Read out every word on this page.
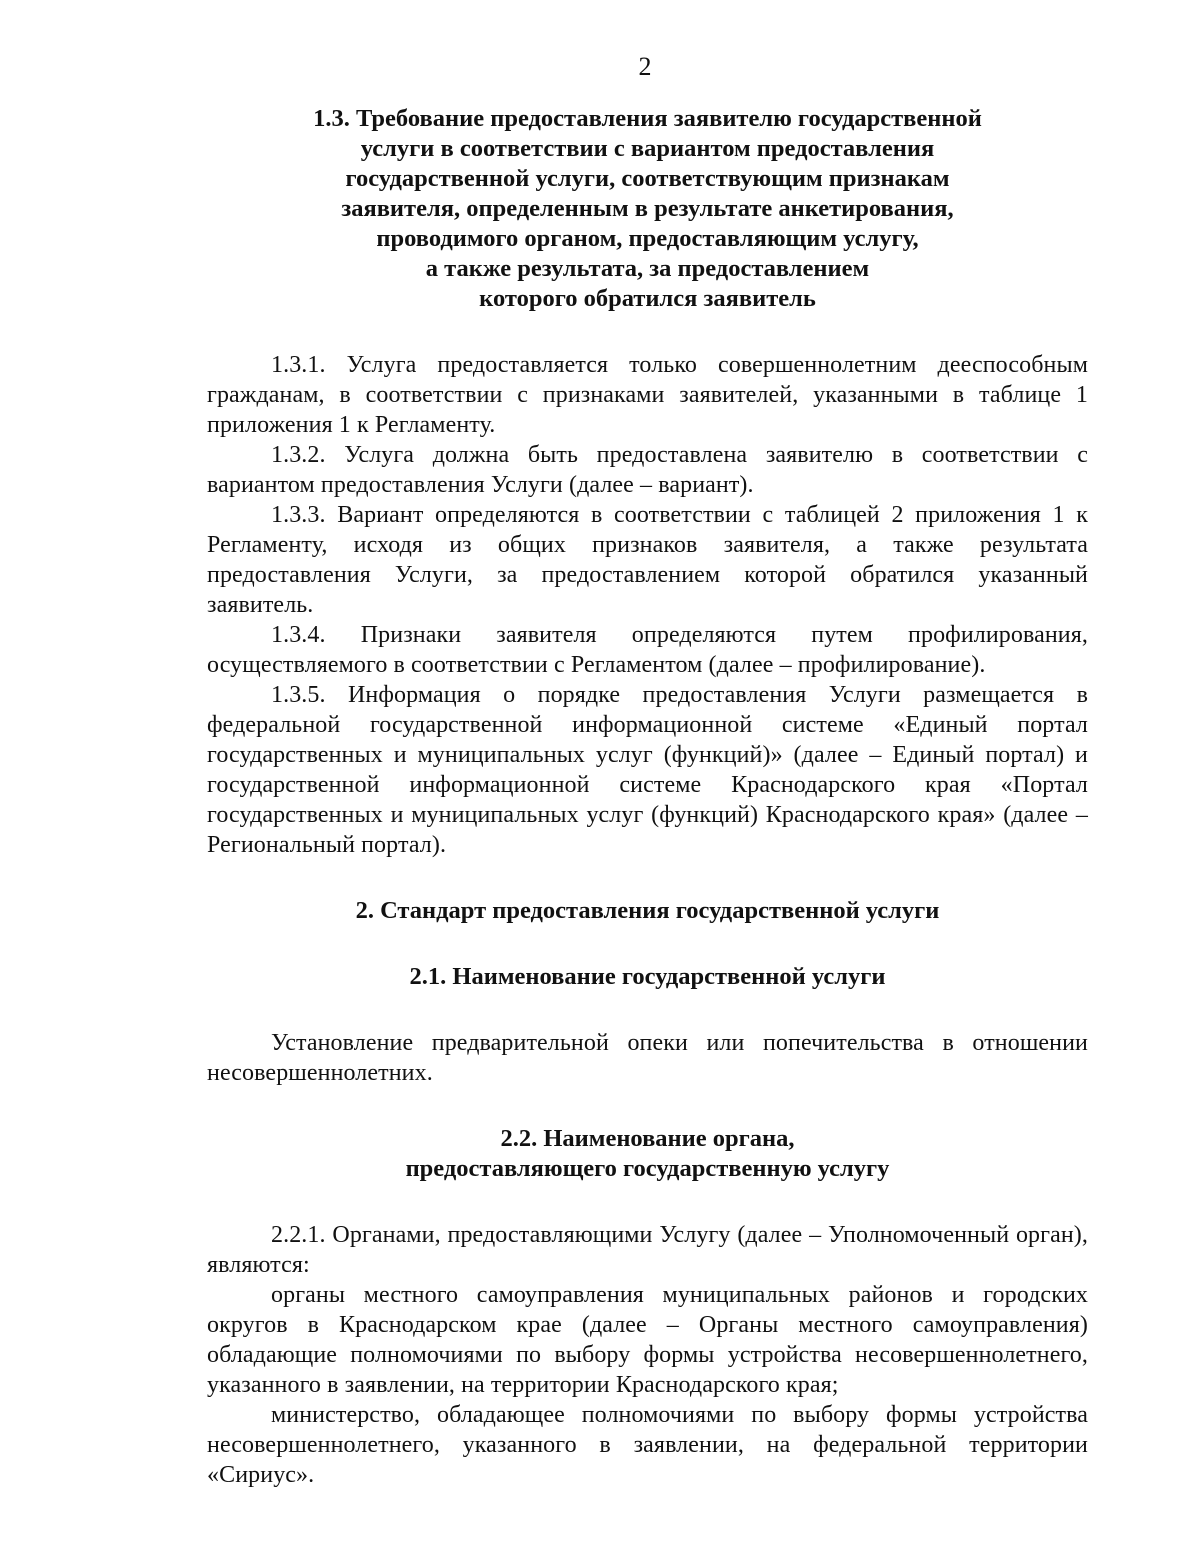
2
1.3. Требование предоставления заявителю государственной
услуги в соответствии с вариантом предоставления
государственной услуги, соответствующим признакам
заявителя, определенным в результате анкетирования,
проводимого органом, предоставляющим услугу,
а также результата, за предоставлением
которого обратился заявитель

1.3.1. Услуга предоставляется только совершеннолетним дееспособным гражданам, в соответствии с признаками заявителей, указанными в таблице 1 приложения 1 к Регламенту.

1.3.2. Услуга должна быть предоставлена заявителю в соответствии с вариантом предоставления Услуги (далее – вариант).

1.3.3. Вариант определяются в соответствии с таблицей 2 приложения 1 к Регламенту, исходя из общих признаков заявителя, а также результата предоставления Услуги, за предоставлением которой обратился указанный заявитель.

1.3.4. Признаки заявителя определяются путем профилирования, осуществляемого в соответствии с Регламентом (далее – профилирование).

1.3.5. Информация о порядке предоставления Услуги размещается в федеральной государственной информационной системе «Единый портал государственных и муниципальных услуг (функций)» (далее – Единый портал) и государственной информационной системе Краснодарского края «Портал государственных и муниципальных услуг (функций) Краснодарского края» (далее – Региональный портал).

2. Стандарт предоставления государственной услуги
2.1. Наименование государственной услуги

Установление предварительной опеки или попечительства в отношении несовершеннолетних.

2.2. Наименование органа,
предоставляющего государственную услугу

2.2.1. Органами, предоставляющими Услугу (далее – Уполномоченный орган), являются:

органы местного самоуправления муниципальных районов и городских округов в Краснодарском крае (далее – Органы местного самоуправления) обладающие полномочиями по выбору формы устройства несовершеннолетнего, указанного в заявлении, на территории Краснодарского края;

министерство, обладающее полномочиями по выбору формы устройства несовершеннолетнего, указанного в заявлении, на федеральной территории «Сириус».
